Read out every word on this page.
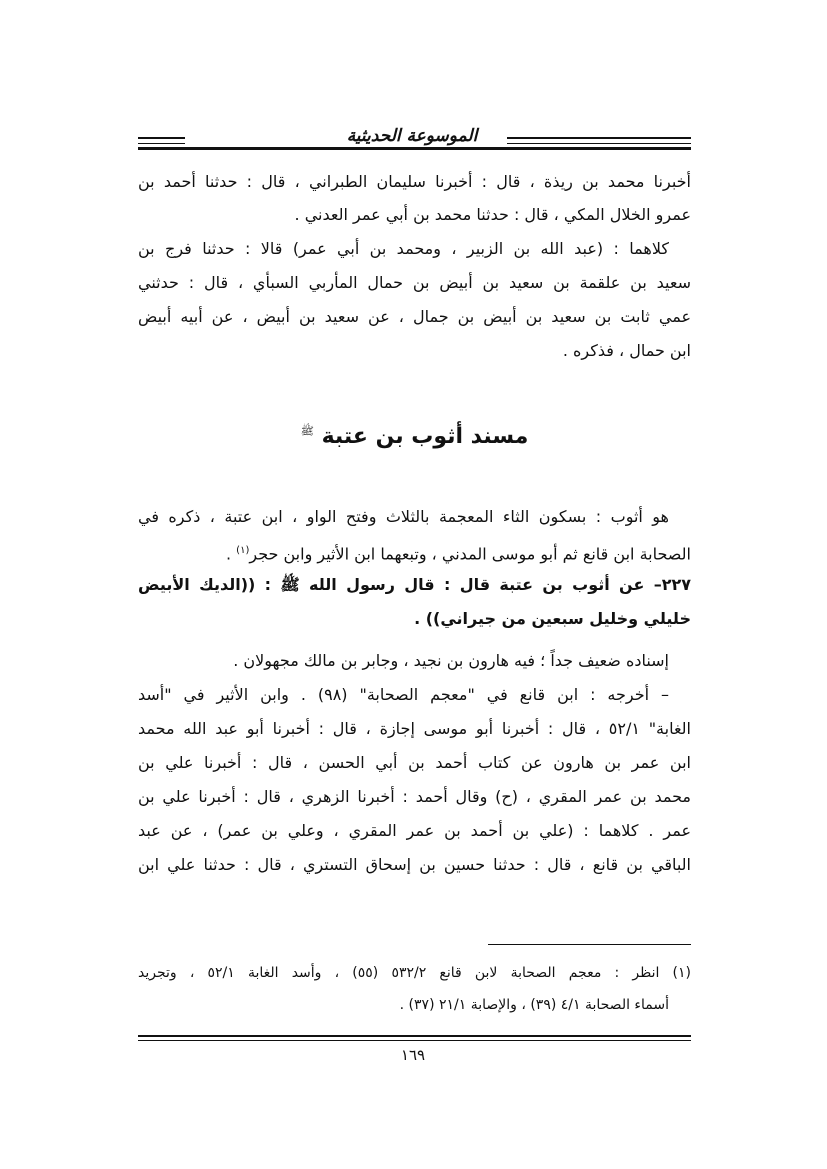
الموسوعة الحديثية
أخبرنا محمد بن ريذة ، قال : أخبرنا سليمان الطبراني ، قال : حدثنا أحمد بن
عمرو الخلال المكي ، قال : حدثنا محمد بن أبي عمر العدني .
كلاهما : (عبد الله بن الزبير ، ومحمد بن أبي عمر) قالا : حدثنا فرج بن
سعيد بن علقمة بن سعيد بن أبيض بن حمال المأربي السبأي ، قال : حدثني
عمي ثابت بن سعيد بن أبيض بن جمال ، عن سعيد بن أبيض ، عن أبيه أبيض
ابن حمال ، فذكره .
مسند أثوب بن عتبة $^ﷺ$
هو أثوب : بسكون الثاء المعجمة بالثلاث وفتح الواو ، ابن عتبة ، ذكره في
الصحابة ابن قانع ثم أبو موسى المدني ، وتبعهما ابن الأثير وابن حجر$^{(١)}$ .
٢٢٧– عن أثوب بن عتبة قال : قال رسول الله ﷺ : ((الديك الأبيض
خليلي وخليل سبعين من جيراني)) .
إسناده ضعيف جداً ؛ فيه هارون بن نجيد ، وجابر بن مالك مجهولان .
– أخرجه : ابن قانع في "معجم الصحابة" (٩٨) . وابن الأثير في "أسد
الغابة" ٥٢/١ ، قال : أخبرنا أبو موسى إجازة ، قال : أخبرنا أبو عبد الله محمد
ابن عمر بن هارون عن كتاب أحمد بن أبي الحسن ، قال : أخبرنا علي بن
محمد بن عمر المقري ، (ح) وقال أحمد : أخبرنا الزهري ، قال : أخبرنا علي بن
عمر . كلاهما : (علي بن أحمد بن عمر المقري ، وعلي بن عمر) ، عن عبد
الباقي بن قانع ، قال : حدثنا حسين بن إسحاق التستري ، قال : حدثنا علي ابن
(١) انظر : معجم الصحابة لابن قانع ٥٣٢/٢ (٥٥) ، وأسد الغابة ٥٢/١ ، وتجريد
أسماء الصحابة ٤/١ (٣٩) ، والإصابة ٢١/١ (٣٧) .
١٦٩
